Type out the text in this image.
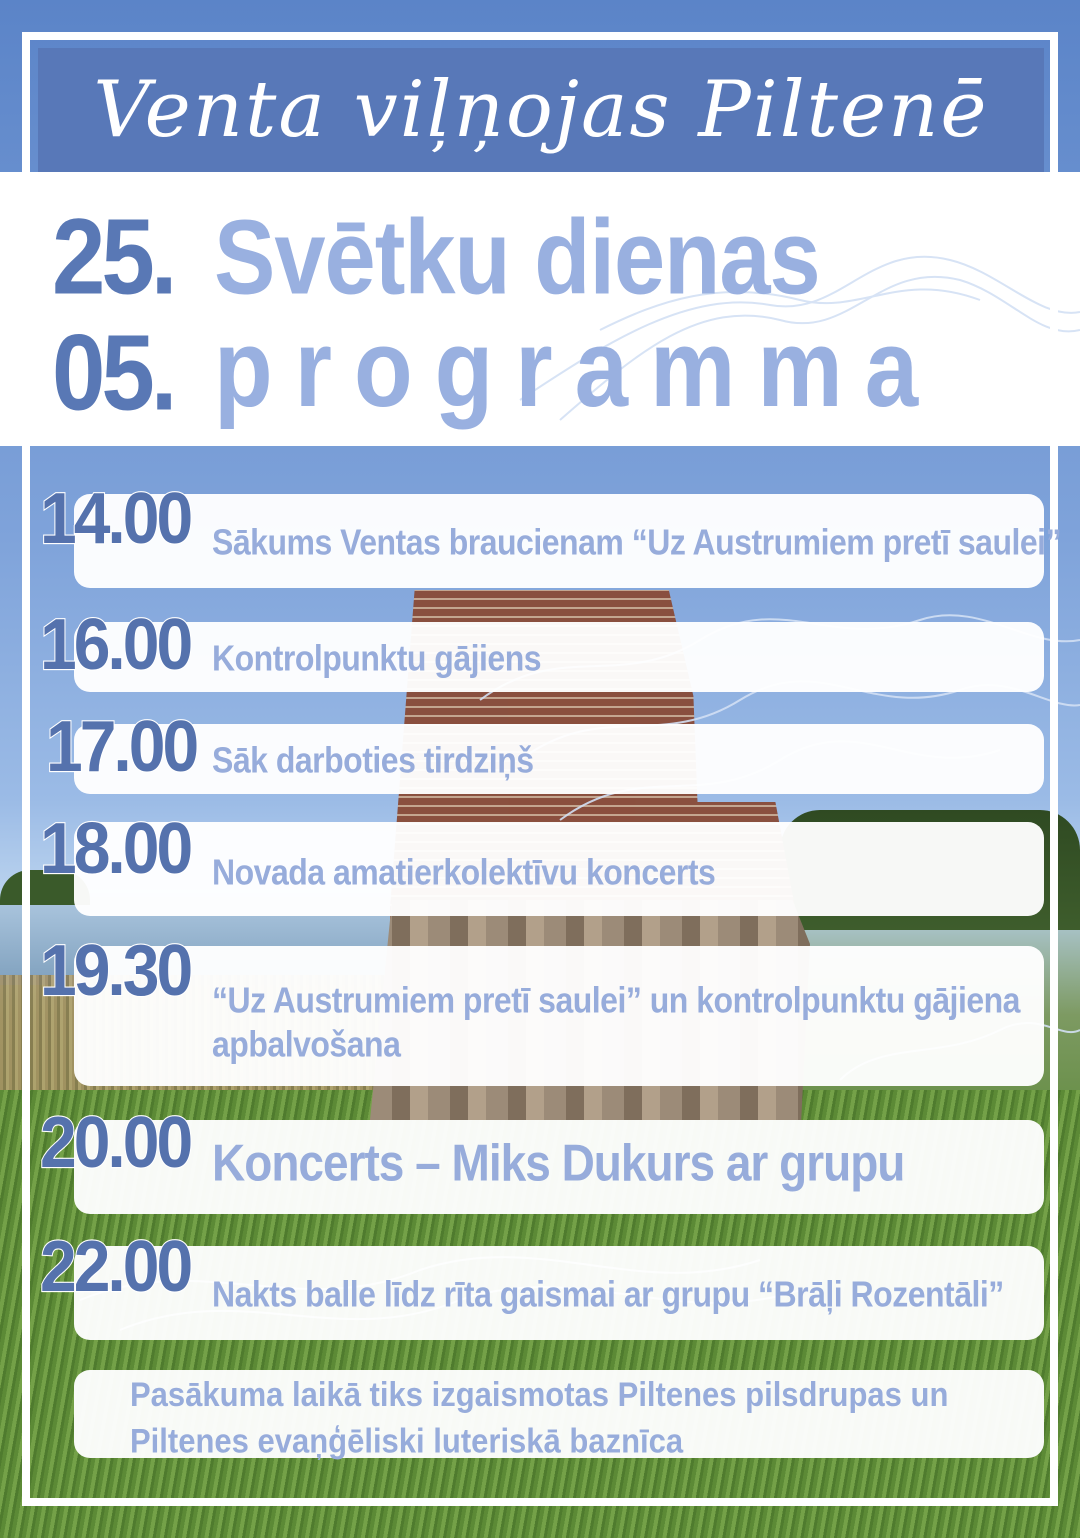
Venta viļņojas Piltenē
25.
05.
Svētku dienas
programma
14.00 Sākums Ventas braucienam “Uz Austrumiem pretī saulei”
16.00 Kontrolpunktu gājiens
17.00 Sāk darboties tirdziņš
18.00 Novada amatierkolektīvu koncerts
19.30 “Uz Austrumiem pretī saulei” un kontrolpunktu gājiena
apbalvošana
20.00 Koncerts – Miks Dukurs ar grupu
22.00 Nakts balle līdz rīta gaismai ar grupu “Brāļi Rozentāli”
Pasākuma laikā tiks izgaismotas Piltenes pilsdrupas un
Piltenes evaņģēliski luteriskā baznīca
